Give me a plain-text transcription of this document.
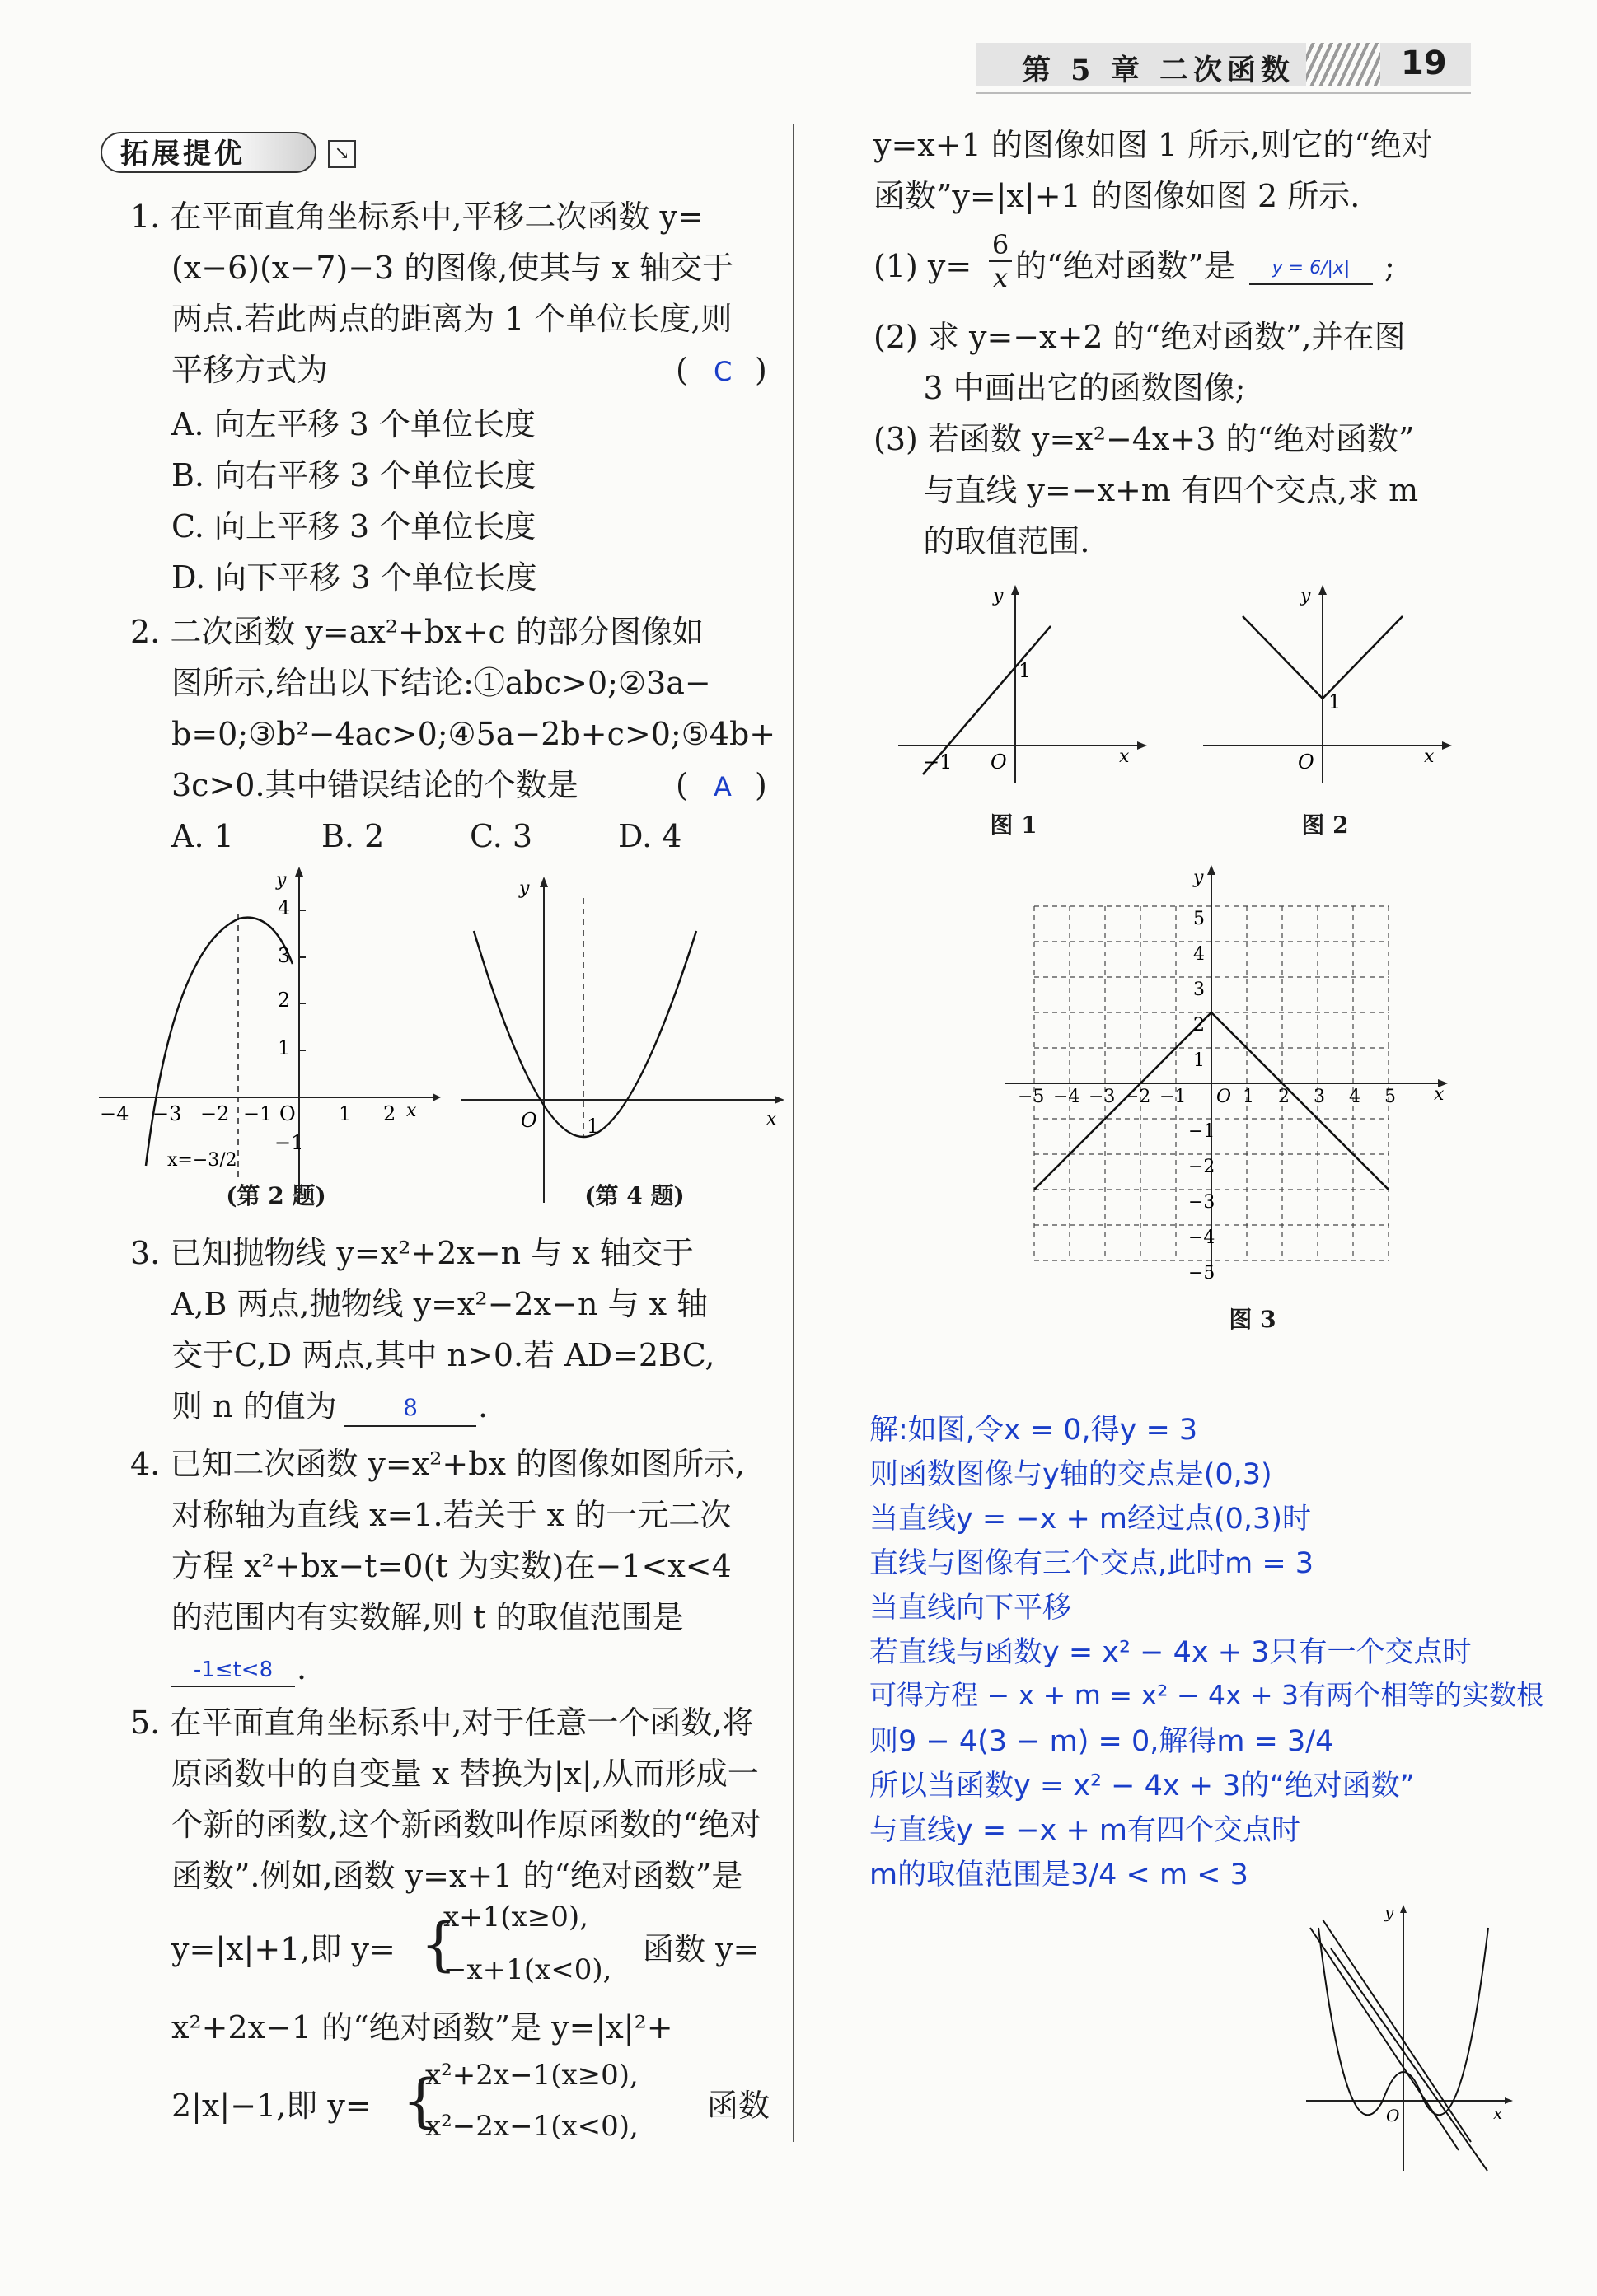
第 5 章 二次函数	19
拓展提优	↘
1. 在平面直角坐标系中,平移二次函数 y=
(x−6)(x−7)−3 的图像,使其与 x 轴交于
两点.若此两点的距离为 1 个单位长度,则
平移方式为	( C )
A. 向左平移 3 个单位长度
B. 向右平移 3 个单位长度
C. 向上平移 3 个单位长度
D. 向下平移 3 个单位长度
2. 二次函数 y=ax²+bx+c 的部分图像如
图所示,给出以下结论:①abc>0;②3a−
b=0;③b²−4ac>0;④5a−2b+c>0;⑤4b+
3c>0.其中错误结论的个数是	( A )
A. 1	B. 2	C. 3	D. 4
y
x
4
3
2
1
−1
−4 −3 −2 −1 O 1 2
x=−3/2
(第 2 题)
y
x
O	1
(第 4 题)
3. 已知抛物线 y=x²+2x−n 与 x 轴交于
A,B 两点,抛物线 y=x²−2x−n 与 x 轴
交于C,D 两点,其中 n>0.若 AD=2BC,
则 n 的值为	8	.
4. 已知二次函数 y=x²+bx 的图像如图所示,
对称轴为直线 x=1.若关于 x 的一元二次
方程 x²+bx−t=0(t 为实数)在−1<x<4
的范围内有实数解,则 t 的取值范围是
-1≤t<8 .
5. 在平面直角坐标系中,对于任意一个函数,将
原函数中的自变量 x 替换为|x|,从而形成一
个新的函数,这个新函数叫作原函数的“绝对
函数”.例如,函数 y=x+1 的“绝对函数”是
y=|x|+1,即 y= {
x+1(x≥0),
−x+1(x<0),
函数 y=
x²+2x−1 的“绝对函数”是 y=|x|²+
2|x|−1,即 y= {
x²+2x−1(x≥0),
x²−2x−1(x<0),
函数
y=x+1 的图像如图 1 所示,则它的“绝对
函数”y=|x|+1 的图像如图 2 所示.
(1) $y= \frac{6}{x}$ 的“绝对函数”是	y = 6/|x|	;
(2) 求 y=−x+2 的“绝对函数”,并在图
3 中画出它的函数图像;
(3) 若函数 y=x²−4x+3 的“绝对函数”
与直线 y=−x+m 有四个交点,求 m
的取值范围.
y
x
1
−1 O
图 1
y
x
1
O
图 2
y
x
5
4
3
2
1
−1
−2
−3
−4
−5
−5 −4 −3 −2 −1 O 1 2 3 4 5
图 3
解:如图,令x = 0,得y = 3
则函数图像与y轴的交点是(0,3)
当直线y = −x + m经过点(0,3)时
直线与图像有三个交点,此时m = 3
当直线向下平移
若直线与函数y = x² − 4x + 3只有一个交点时
可得方程 − x + m = x² − 4x + 3有两个相等的实数根
则9 − 4(3 − m) = 0,解得m = 3/4
所以当函数y = x² − 4x + 3的“绝对函数”
与直线y = −x + m有四个交点时
m的取值范围是3/4 < m < 3
y
x
O
